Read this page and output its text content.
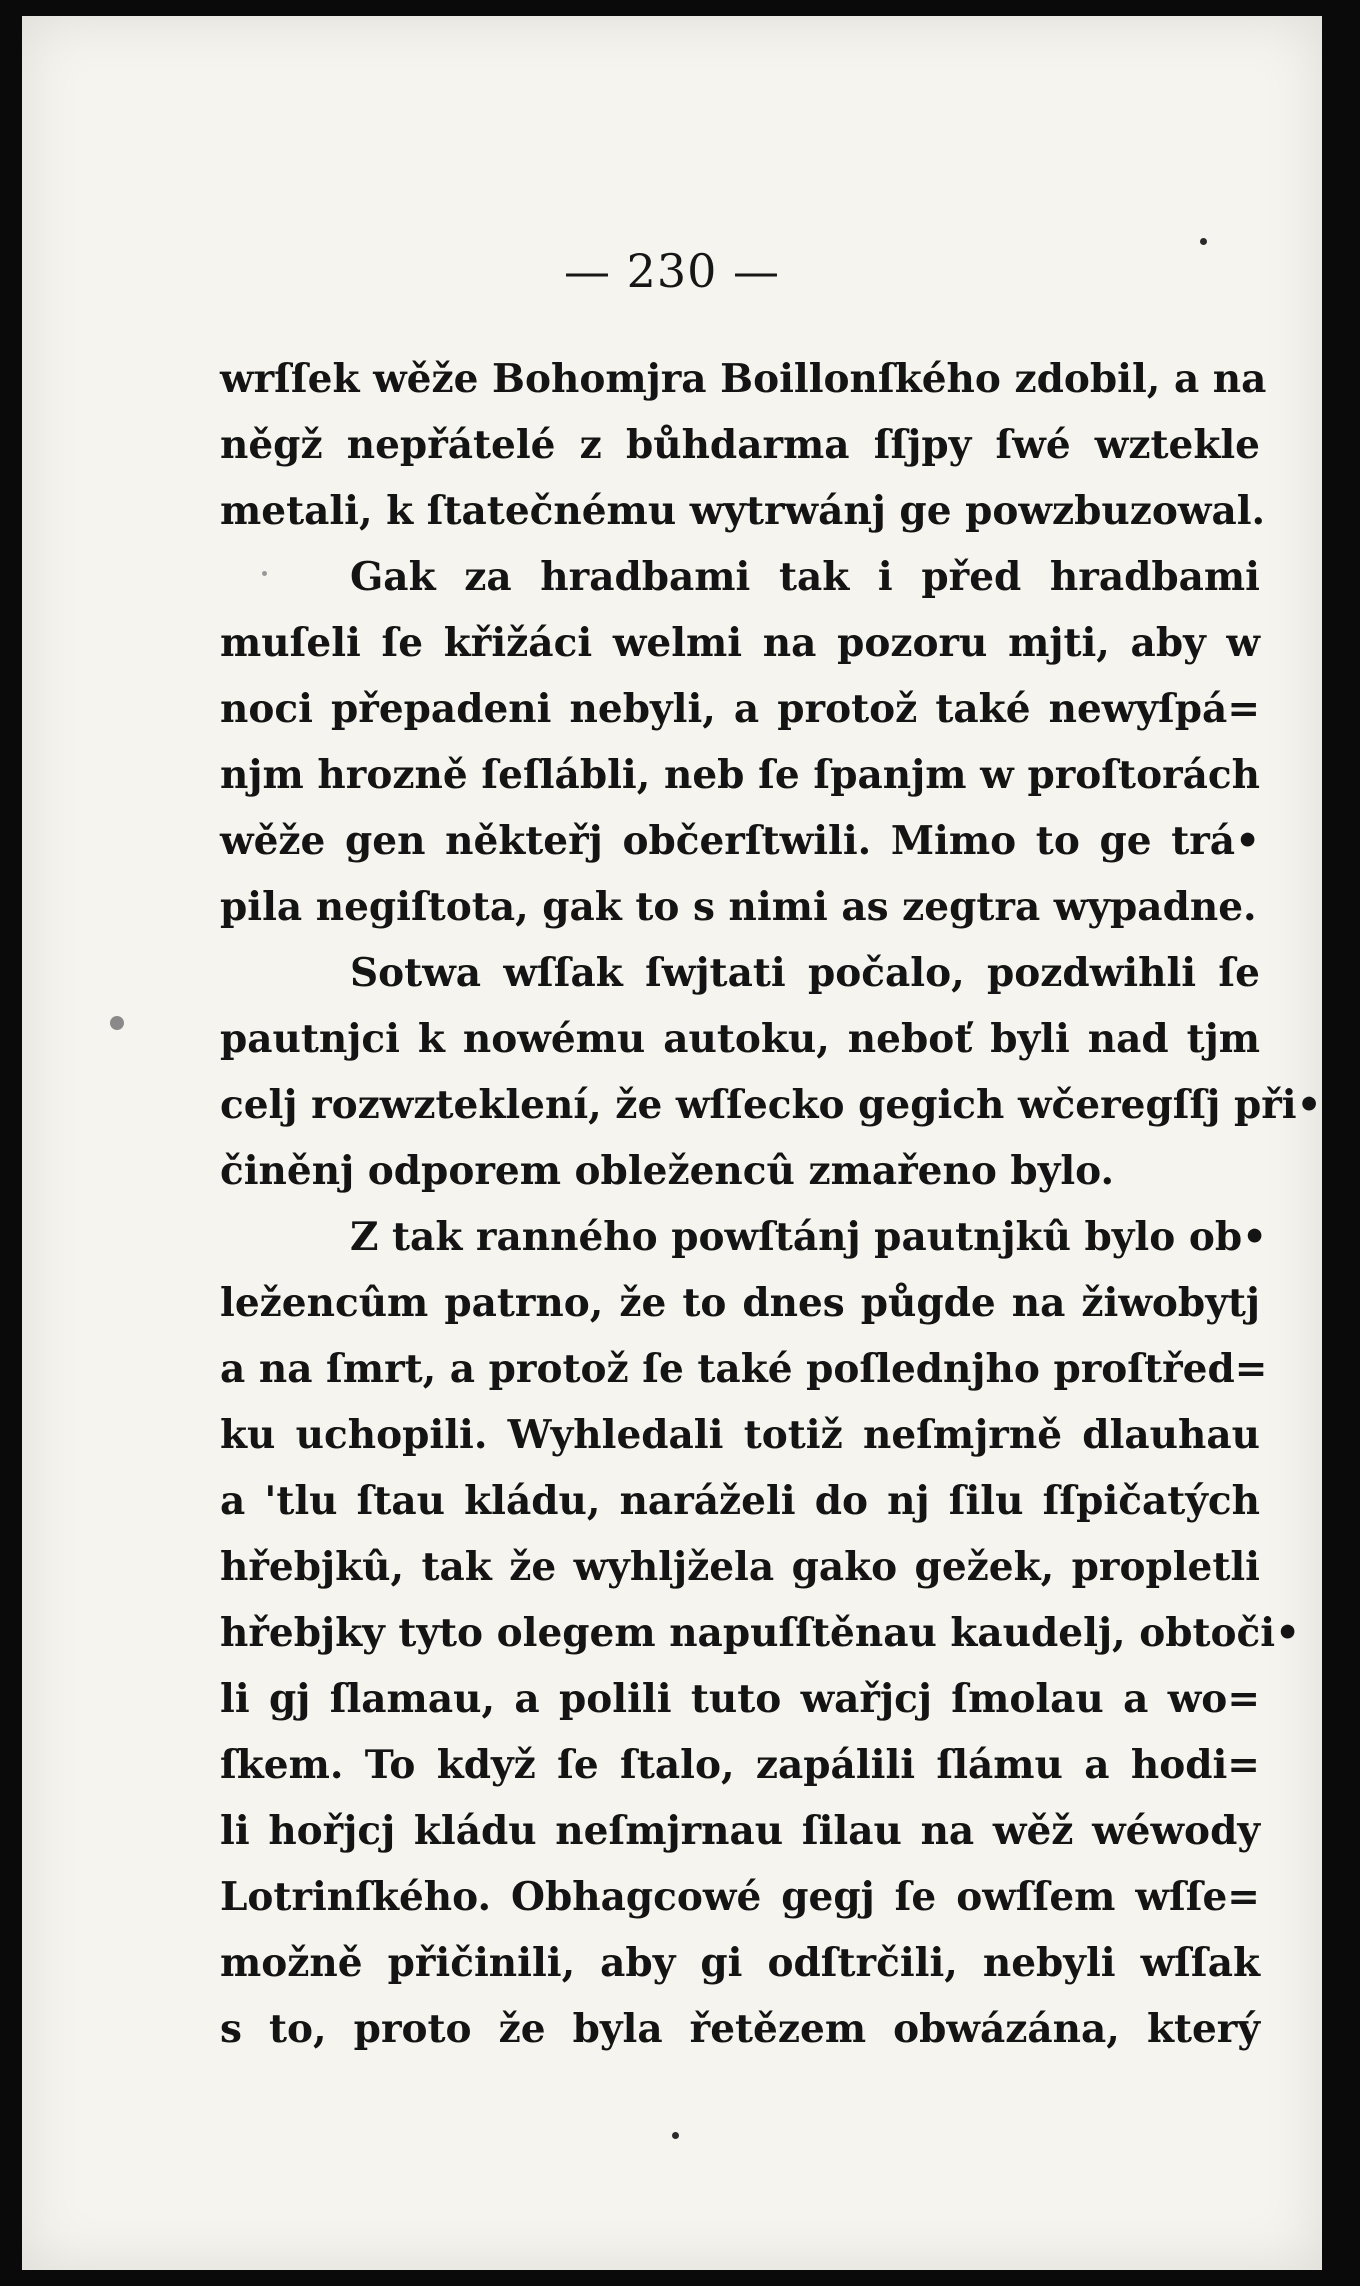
— 230 —
wrſſek wěže Bohomjra Boillonſkého zdobil, a na
něgž nepřátelé z bůhdarma ſſjpy ſwé wztekle
metali, k ſtatečnému wytrwánj ge powzbuzowal.
Gak za hradbami tak i před hradbami
muſeli ſe křižáci welmi na pozoru mjti, aby w
noci přepadeni nebyli, a protož také newyſpá=
njm hrozně ſeſlábli, neb ſe ſpanjm w proſtorách
wěže gen někteřj občerſtwili. Mimo to ge trá•
pila negiſtota, gak to s nimi as zegtra wypadne.
Sotwa wſſak ſwjtati počalo, pozdwihli ſe
pautnjci k nowému autoku, neboť byli nad tjm
celj rozwzteklení, že wſſecko gegich wčeregſſj při•
činěnj odporem obležencû zmařeno bylo.
Z tak ranného powſtánj pautnjkû bylo ob•
ležencûm patrno, že to dnes půgde na žiwobytj
a na ſmrt, a protož ſe také poſlednjho proſtřed=
ku uchopili. Wyhledali totiž neſmjrně dlauhau
a 'tlu ſtau kládu, naráželi do nj ſilu ſſpičatých
hřebjkû, tak že wyhljžela gako gežek, propletli
hřebjky tyto olegem napuſſtěnau kaudelj, obtoči•
li gj ſlamau, a polili tuto wařjcj ſmolau a wo=
ſkem. To když ſe ſtalo, zapálili ſlámu a hodi=
li hořjcj kládu neſmjrnau ſilau na wěž wéwody
Lotrinſkého. Obhagcowé gegj ſe owſſem wſſe=
možně přičinili, aby gi odſtrčili, nebyli wſſak
s to, proto že byla řetězem obwázána, který
